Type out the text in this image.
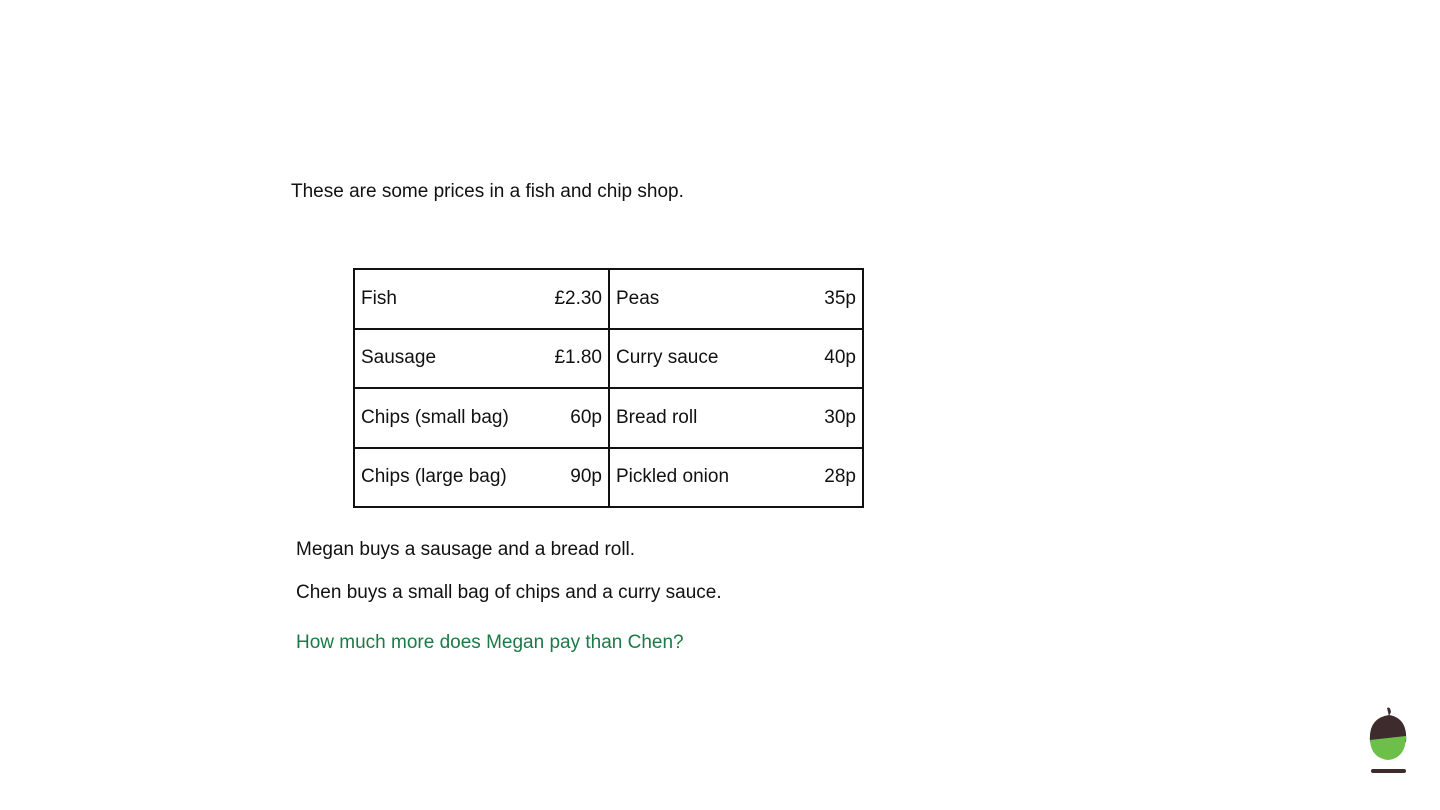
These are some prices in a fish and chip shop.
Fish £2.30	Peas 35p

Sausage £1.80	Curry sauce 40p

Chips (small bag) 60p	Bread roll 30p

Chips (large bag) 90p	Pickled onion 28p
Megan buys a sausage and a bread roll.
Chen buys a small bag of chips and a curry sauce.
How much more does Megan pay than Chen?
